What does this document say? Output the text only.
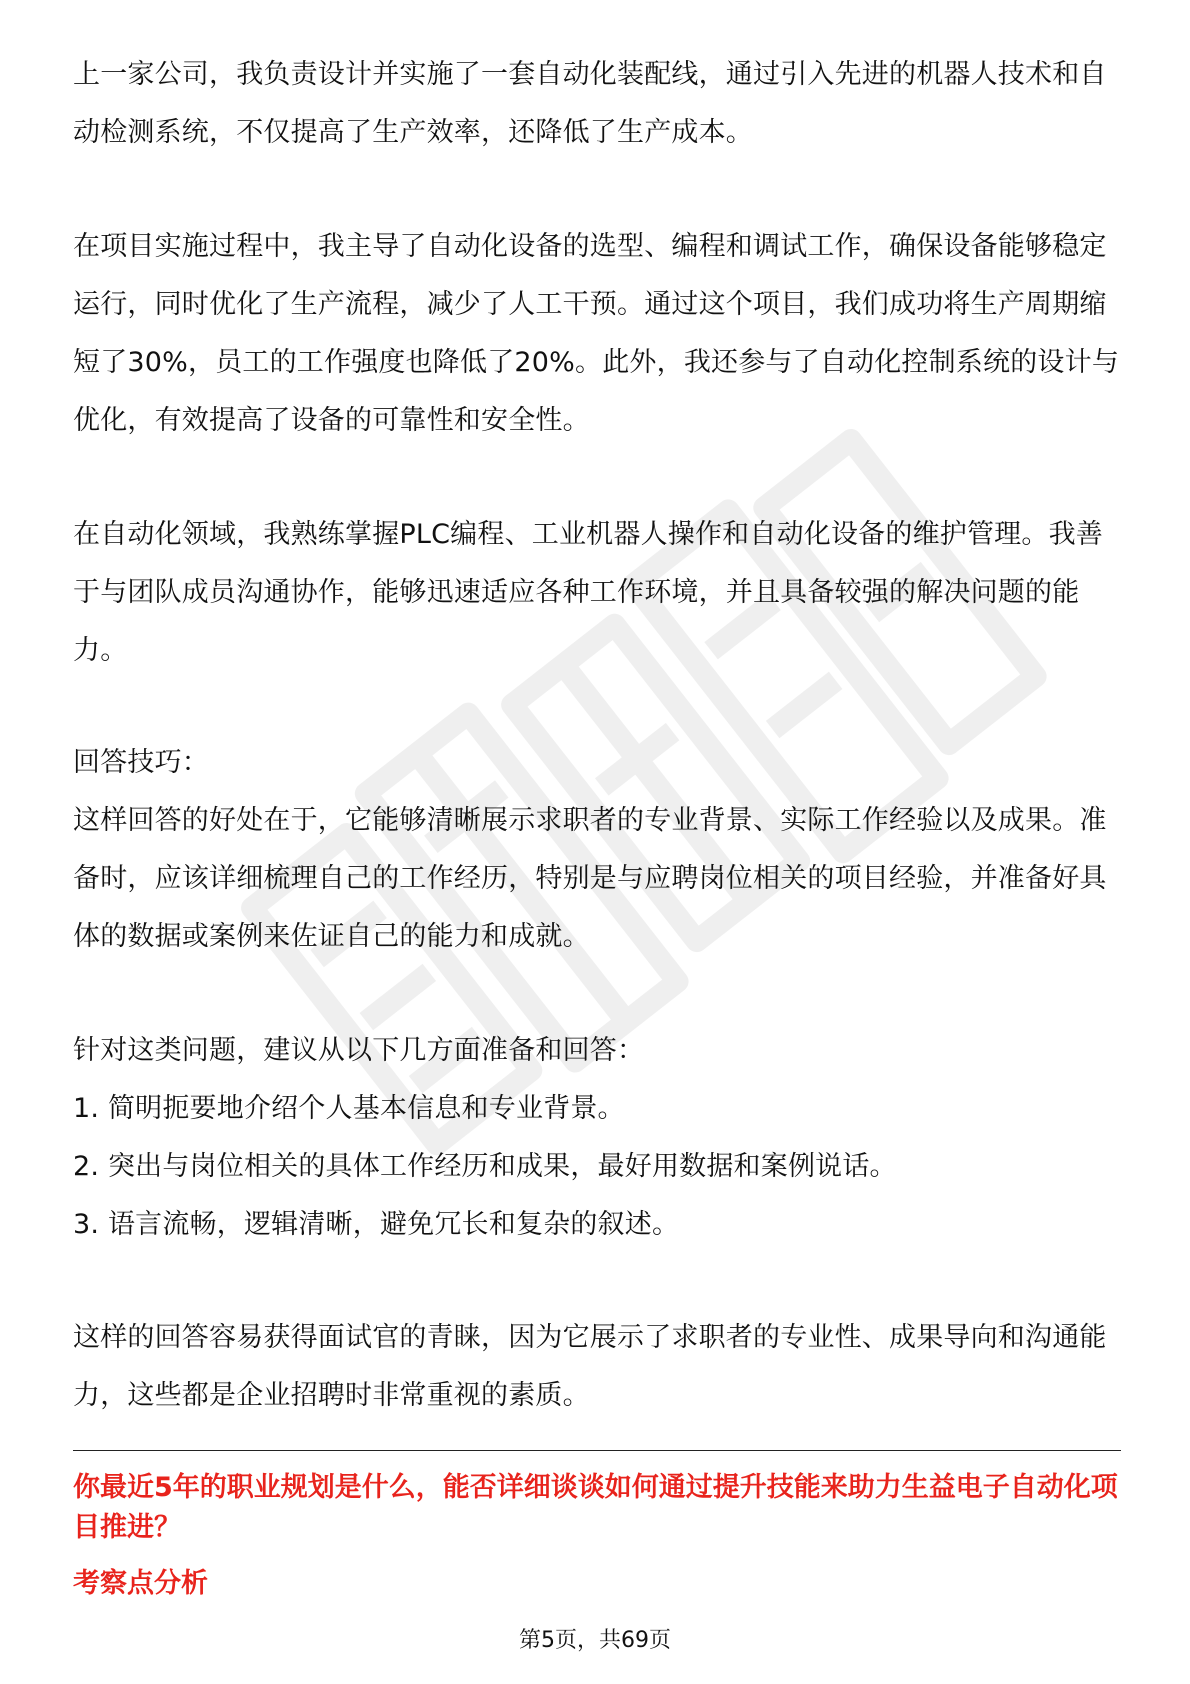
上一家公司，我负责设计并实施了一套自动化装配线，通过引入先进的机器人技术和自动检测系统，不仅提高了生产效率，还降低了生产成本。

在项目实施过程中，我主导了自动化设备的选型、编程和调试工作，确保设备能够稳定运行，同时优化了生产流程，减少了人工干预。通过这个项目，我们成功将生产周期缩短了30%，员工的工作强度也降低了20%。此外，我还参与了自动化控制系统的设计与优化，有效提高了设备的可靠性和安全性。

在自动化领域，我熟练掌握PLC编程、工业机器人操作和自动化设备的维护管理。我善于与团队成员沟通协作，能够迅速适应各种工作环境，并且具备较强的解决问题的能力。

回答技巧：

这样回答的好处在于，它能够清晰展示求职者的专业背景、实际工作经验以及成果。准备时，应该详细梳理自己的工作经历，特别是与应聘岗位相关的项目经验，并准备好具体的数据或案例来佐证自己的能力和成就。

针对这类问题，建议从以下几方面准备和回答：

1. 简明扼要地介绍个人基本信息和专业背景。
2. 突出与岗位相关的具体工作经历和成果，最好用数据和案例说话。
3. 语言流畅，逻辑清晰，避免冗长和复杂的叙述。

这样的回答容易获得面试官的青睐，因为它展示了求职者的专业性、成果导向和沟通能力，这些都是企业招聘时非常重视的素质。

你最近5年的职业规划是什么，能否详细谈谈如何通过提升技能来助力生益电子自动化项目推进？

考察点分析

第5页，共69页
